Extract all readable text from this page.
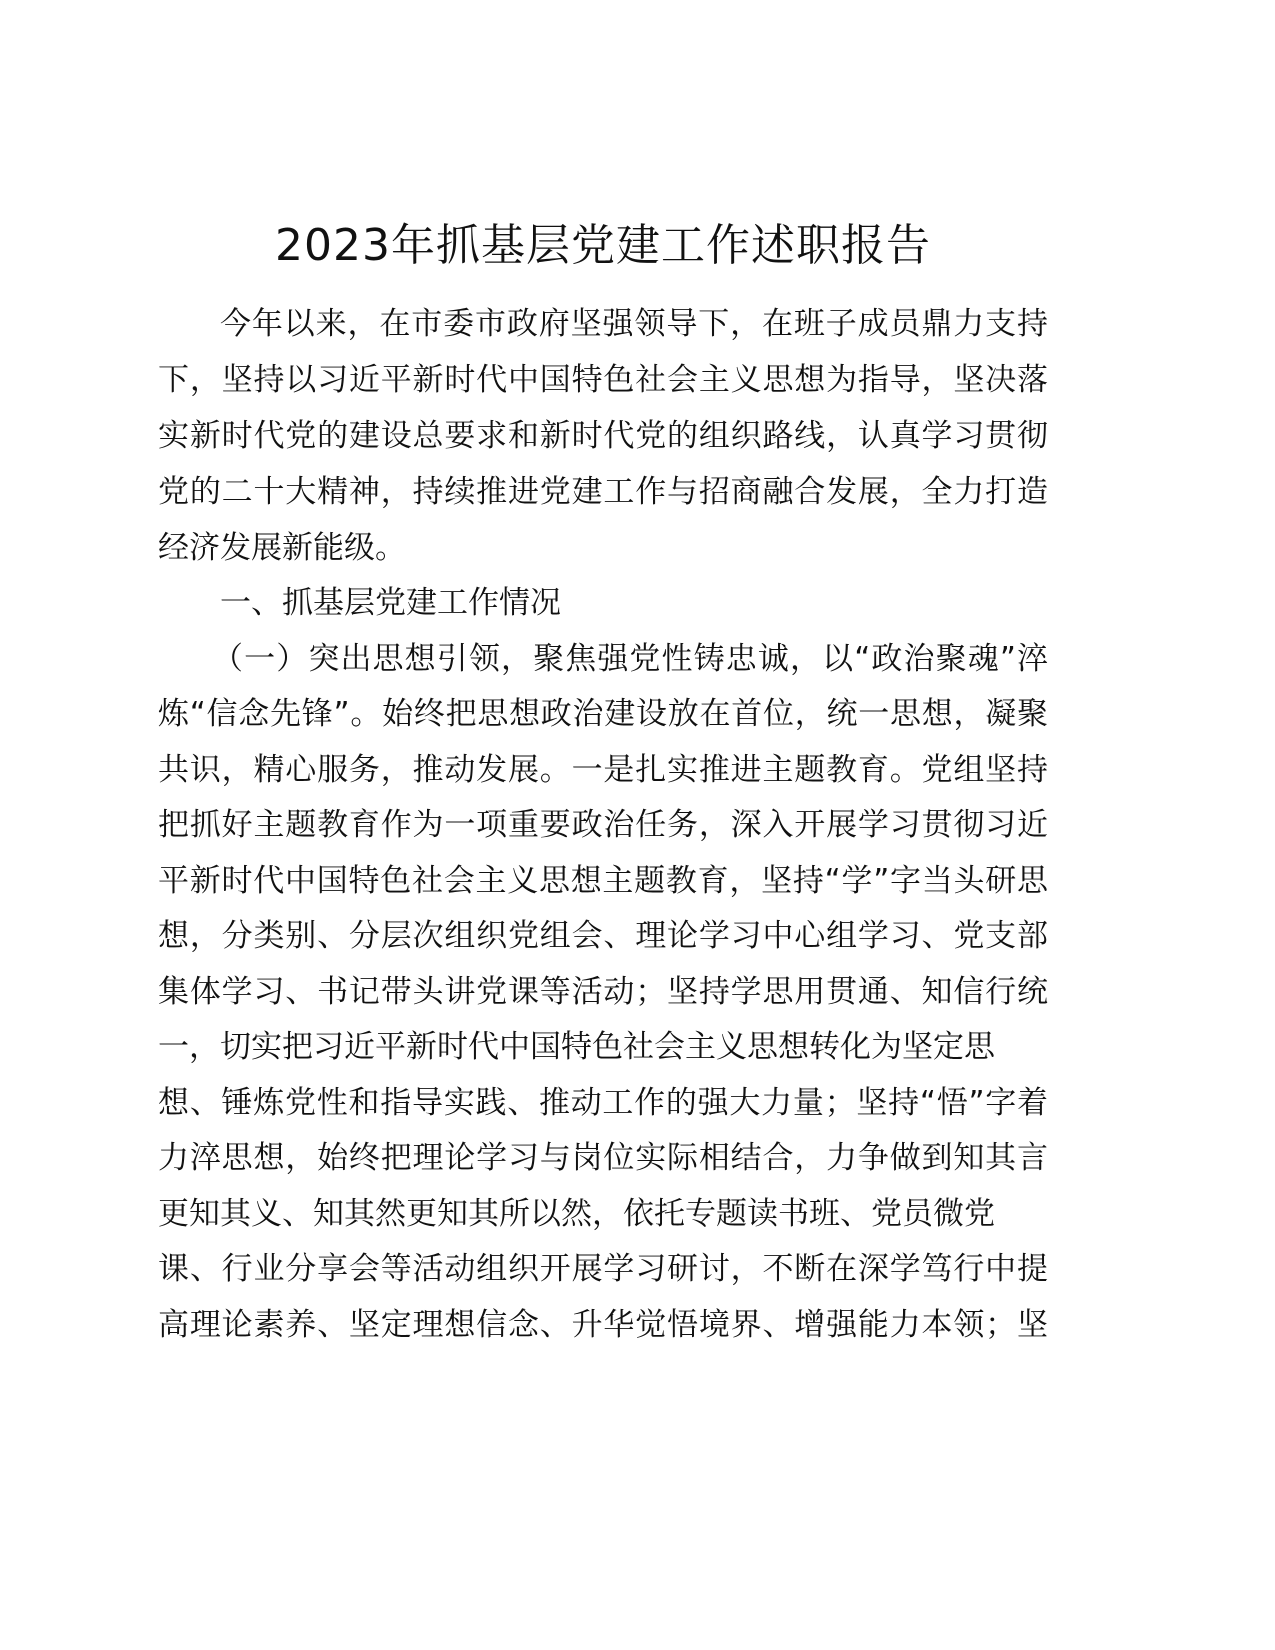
2023年抓基层党建工作述职报告
今年以来，在市委市政府坚强领导下，在班子成员鼎力支持
下，坚持以习近平新时代中国特色社会主义思想为指导，坚决落
实新时代党的建设总要求和新时代党的组织路线，认真学习贯彻
党的二十大精神，持续推进党建工作与招商融合发展，全力打造
经济发展新能级。
一、抓基层党建工作情况
（一）突出思想引领，聚焦强党性铸忠诚，以“政治聚魂”淬
炼“信念先锋”。始终把思想政治建设放在首位，统一思想，凝聚
共识，精心服务，推动发展。一是扎实推进主题教育。党组坚持
把抓好主题教育作为一项重要政治任务，深入开展学习贯彻习近
平新时代中国特色社会主义思想主题教育，坚持“学”字当头研思
想，分类别、分层次组织党组会、理论学习中心组学习、党支部
集体学习、书记带头讲党课等活动；坚持学思用贯通、知信行统
一，切实把习近平新时代中国特色社会主义思想转化为坚定思
想、锤炼党性和指导实践、推动工作的强大力量；坚持“悟”字着
力淬思想，始终把理论学习与岗位实际相结合，力争做到知其言
更知其义、知其然更知其所以然，依托专题读书班、党员微党
课、行业分享会等活动组织开展学习研讨，不断在深学笃行中提
高理论素养、坚定理想信念、升华觉悟境界、增强能力本领；坚
